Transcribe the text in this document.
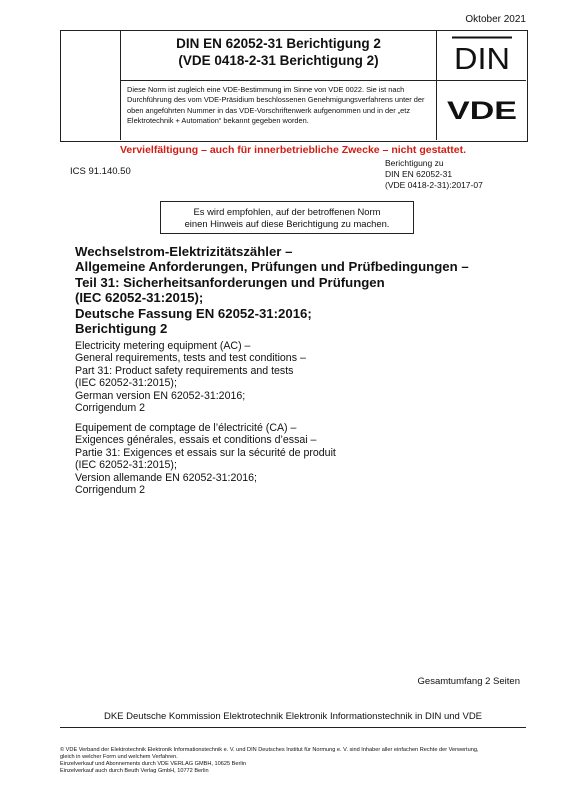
Oktober 2021
DIN EN 62052-31 Berichtigung 2
(VDE 0418-2-31 Berichtigung 2)	DIN
Diese Norm ist zugleich eine VDE-Bestimmung im Sinne von VDE 0022. Sie ist nach
Durchführung des vom VDE-Präsidium beschlossenen Genehmigungsverfahrens unter der
oben angeführten Nummer in das VDE-Vorschriftenwerk aufgenommen und in der „etz
Elektrotechnik + Automation“ bekannt gegeben worden.	VDE
Vervielfältigung – auch für innerbetriebliche Zwecke – nicht gestattet.
ICS 91.140.50
Berichtigung zu
DIN EN 62052-31
(VDE 0418-2-31):2017-07
Es wird empfohlen, auf der betroffenen Norm
einen Hinweis auf diese Berichtigung zu machen.
Wechselstrom-Elektrizitätszähler –
Allgemeine Anforderungen, Prüfungen und Prüfbedingungen –
Teil 31: Sicherheitsanforderungen und Prüfungen
(IEC 62052-31:2015);
Deutsche Fassung EN 62052-31:2016;
Berichtigung 2
Electricity metering equipment (AC) –
General requirements, tests and test conditions –
Part 31: Product safety requirements and tests
(IEC 62052-31:2015);
German version EN 62052-31:2016;
Corrigendum 2
Equipement de comptage de l’électricité (CA) –
Exigences générales, essais et conditions d’essai –
Partie 31: Exigences et essais sur la sécurité de produit
(IEC 62052-31:2015);
Version allemande EN 62052-31:2016;
Corrigendum 2
Gesamtumfang 2 Seiten
DKE Deutsche Kommission Elektrotechnik Elektronik Informationstechnik in DIN und VDE
© VDE Verband der Elektrotechnik Elektronik Informationstechnik e. V. und DIN Deutsches Institut für Normung e. V. sind Inhaber aller einfachen Rechte der Verwertung,
gleich in welcher Form und welchem Verfahren.
Einzelverkauf und Abonnements durch VDE VERLAG GMBH, 10625 Berlin
Einzelverkauf auch durch Beuth Verlag GmbH, 10772 Berlin
